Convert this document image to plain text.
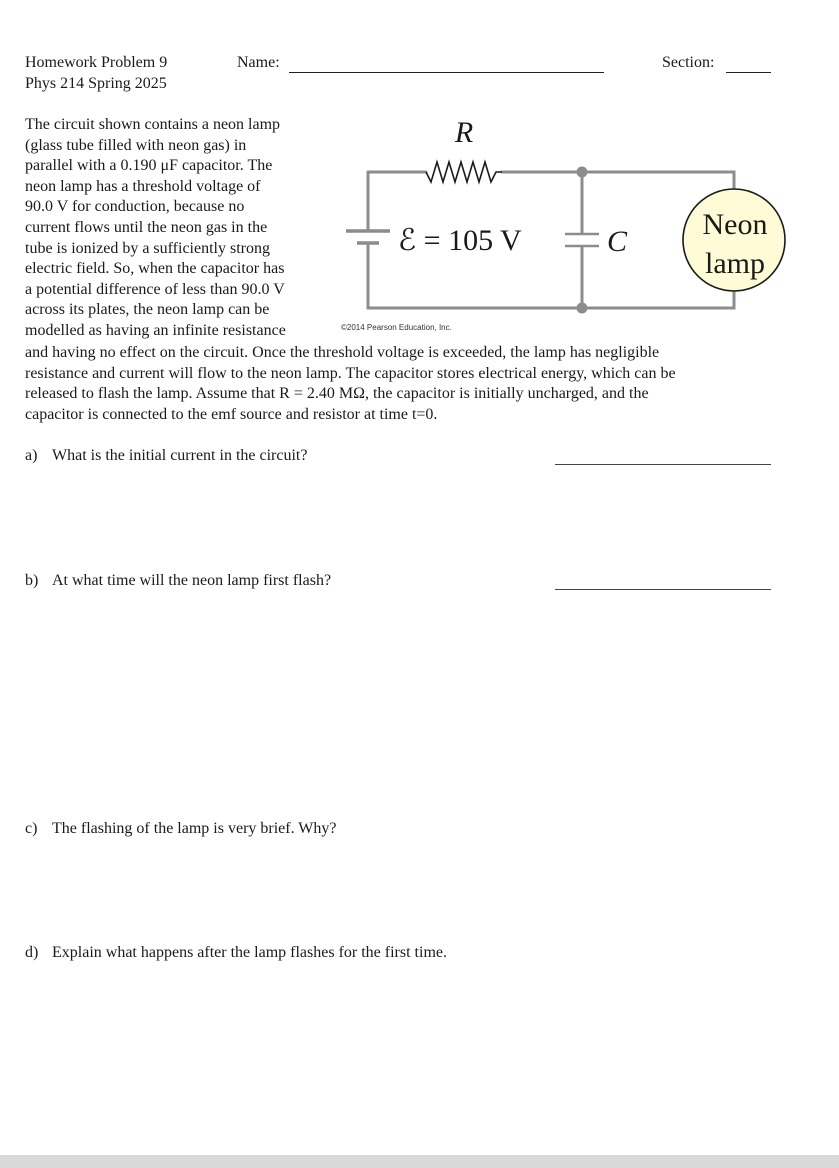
Homework Problem 9
Phys 214 Spring 2025
Name:	Section:
The circuit shown contains a neon lamp
(glass tube filled with neon gas) in
parallel with a 0.190 μF capacitor. The
neon lamp has a threshold voltage of
90.0 V for conduction, because no
current flows until the neon gas in the
tube is ionized by a sufficiently strong
electric field. So, when the capacitor has
a potential difference of less than 90.0 V
across its plates, the neon lamp can be
modelled as having an infinite resistance
R
ℰ = 105 V	C
Neon
lamp
©2014 Pearson Education, Inc.
and having no effect on the circuit. Once the threshold voltage is exceeded, the lamp has negligible
resistance and current will flow to the neon lamp. The capacitor stores electrical energy, which can be
released to flash the lamp. Assume that R = 2.40 MΩ, the capacitor is initially uncharged, and the
capacitor is connected to the emf source and resistor at time t=0.
a) What is the initial current in the circuit?
b) At what time will the neon lamp first flash?
c) The flashing of the lamp is very brief. Why?
d) Explain what happens after the lamp flashes for the first time.
